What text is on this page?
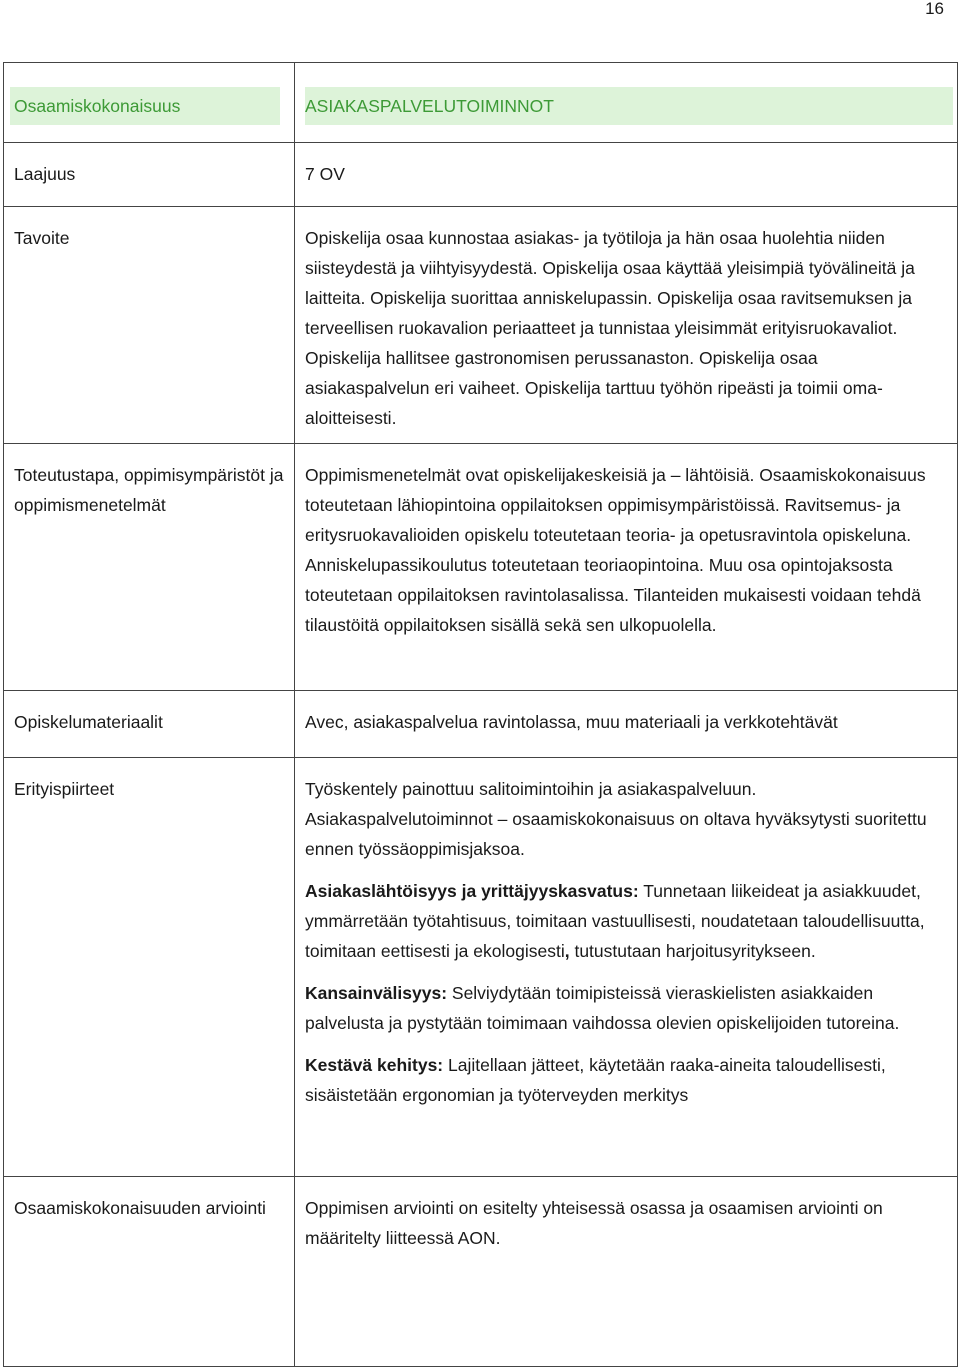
16
Osaamiskokonaisuus	ASIAKASPALVELUTOIMINNOT

Laajuus	7 OV
Tavoite	Opiskelija osaa kunnostaa asiakas- ja työtiloja ja hän osaa huolehtia niiden siisteydestä ja viihtyisyydestä. Opiskelija osaa käyttää yleisimpiä työvälineitä ja laitteita. Opiskelija suorittaa anniskelupassin. Opiskelija osaa ravitsemuksen ja terveellisen ruokavalion periaatteet ja tunnistaa yleisimmät erityisruokavaliot. Opiskelija hallitsee gastronomisen perussanaston. Opiskelija osaa asiakaspalvelun eri vaiheet. Opiskelija tarttuu työhön ripeästi ja toimii oma-aloitteisesti.
Toteutustapa, oppimisympäristöt ja oppimismenetelmät	Oppimismenetelmät ovat opiskelijakeskeisiä ja – lähtöisiä. Osaamiskokonaisuus toteutetaan lähiopintoina oppilaitoksen oppimisympäristöissä. Ravitsemus- ja eritysruokavalioiden opiskelu toteutetaan teoria- ja opetusravintola opiskeluna. Anniskelupassikoulutus toteutetaan teoriaopintoina. Muu osa opintojaksosta toteutetaan oppilaitoksen ravintolasalissa. Tilanteiden mukaisesti voidaan tehdä tilaustöitä oppilaitoksen sisällä sekä sen ulkopuolella.
Opiskelumateriaalit	Avec, asiakaspalvelua ravintolassa, muu materiaali ja verkkotehtävät
Erityispiirteet	Työskentely painottuu salitoimintoihin ja asiakaspalveluun. Asiakaspalvelutoiminnot – osaamiskokonaisuus on oltava hyväksytysti suoritettu ennen työssäoppimisjaksoa.

Asiakaslähtöisyys ja yrittäjyyskasvatus: Tunnetaan liikeideat ja asiakkuudet, ymmärretään työtahtisuus, toimitaan vastuullisesti, noudatetaan taloudellisuutta, toimitaan eettisesti ja ekologisesti, tutustutaan harjoitusyritykseen.

Kansainvälisyys: Selviydytään toimipisteissä vieraskielisten asiakkaiden palvelusta ja pystytään toimimaan vaihdossa olevien opiskelijoiden tutoreina.

Kestävä kehitys: Lajitellaan jätteet, käytetään raaka-aineita taloudellisesti, sisäistetään ergonomian ja työterveyden merkitys

Osaamiskokonaisuuden arviointi	Oppimisen arviointi on esitelty yhteisessä osassa ja osaamisen arviointi on määritelty liitteessä AON.
